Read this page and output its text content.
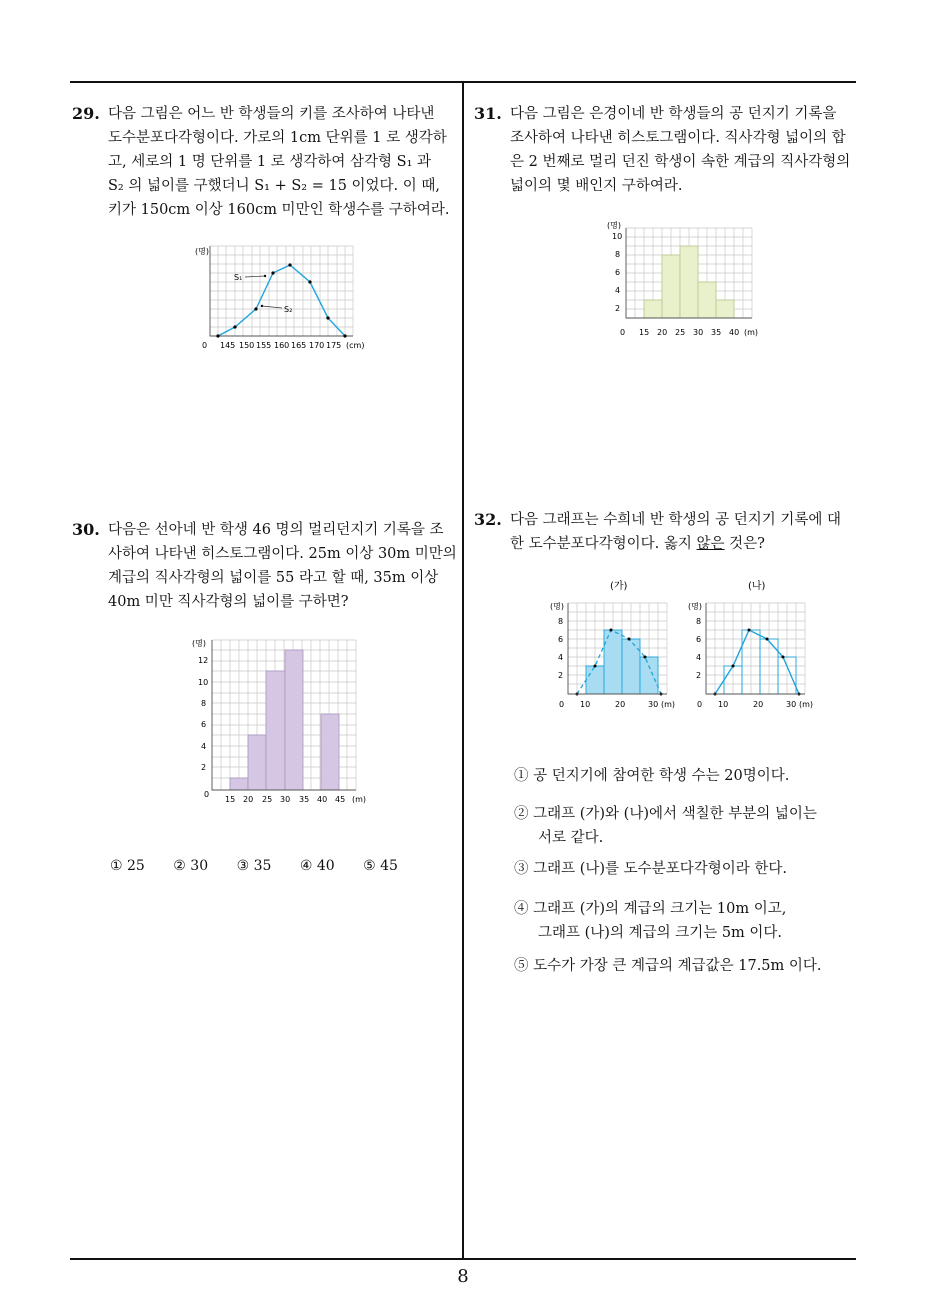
29. 다음 그림은 어느 반 학생들의 키를 조사하여 나타낸
도수분포다각형이다. 가로의 1cm 단위를 1 로 생각하
고, 세로의 1 명 단위를 1 로 생각하여 삼각형 S₁ 과
S₂ 의 넓이를 구했더니 S₁ + S₂ = 15 이었다. 이 때,
키가 150cm 이상 160cm 미만인 학생수를 구하여라.
(명)
S₁
S₂
0 145 150 155 160 165 170 175 (cm)
30. 다음은 선아네 반 학생 46 명의 멀리던지기 기록을 조
사하여 나타낸 히스토그램이다. 25m 이상 30m 미만의
계급의 직사각형의 넓이를 55 라고 할 때, 35m 이상
40m 미만 직사각형의 넓이를 구하면?
(명)
12
10
8
6
4
2
0
15 20 25 30 35 40 45 (m)
① 25 ② 30 ③ 35 ④ 40 ⑤ 45
31. 다음 그림은 은경이네 반 학생들의 공 던지기 기록을
조사하여 나타낸 히스토그램이다. 직사각형 넓이의 합
은 2 번째로 멀리 던진 학생이 속한 계급의 직사각형의
넓이의 몇 배인지 구하여라.
(명)
10
8
6
4
2
0 15 20 25 30 35 40 (m)
32. 다음 그래프는 수희네 반 학생의 공 던지기 기록에 대
한 도수분포다각형이다. 옳지 않은 것은?
(가)
(명)
8
6
4
2
0 10	20	30 (m)
(나)
(명)
8
6
4
2
0 10	20	30 (m)
① 공 던지기에 참여한 학생 수는 20명이다.
② 그래프 (가)와 (나)에서 색칠한 부분의 넓이는
서로 같다.
③ 그래프 (나)를 도수분포다각형이라 한다.
④ 그래프 (가)의 계급의 크기는 10m 이고,
그래프 (나)의 계급의 크기는 5m 이다.
⑤ 도수가 가장 큰 계급의 계급값은 17.5m 이다.
8
